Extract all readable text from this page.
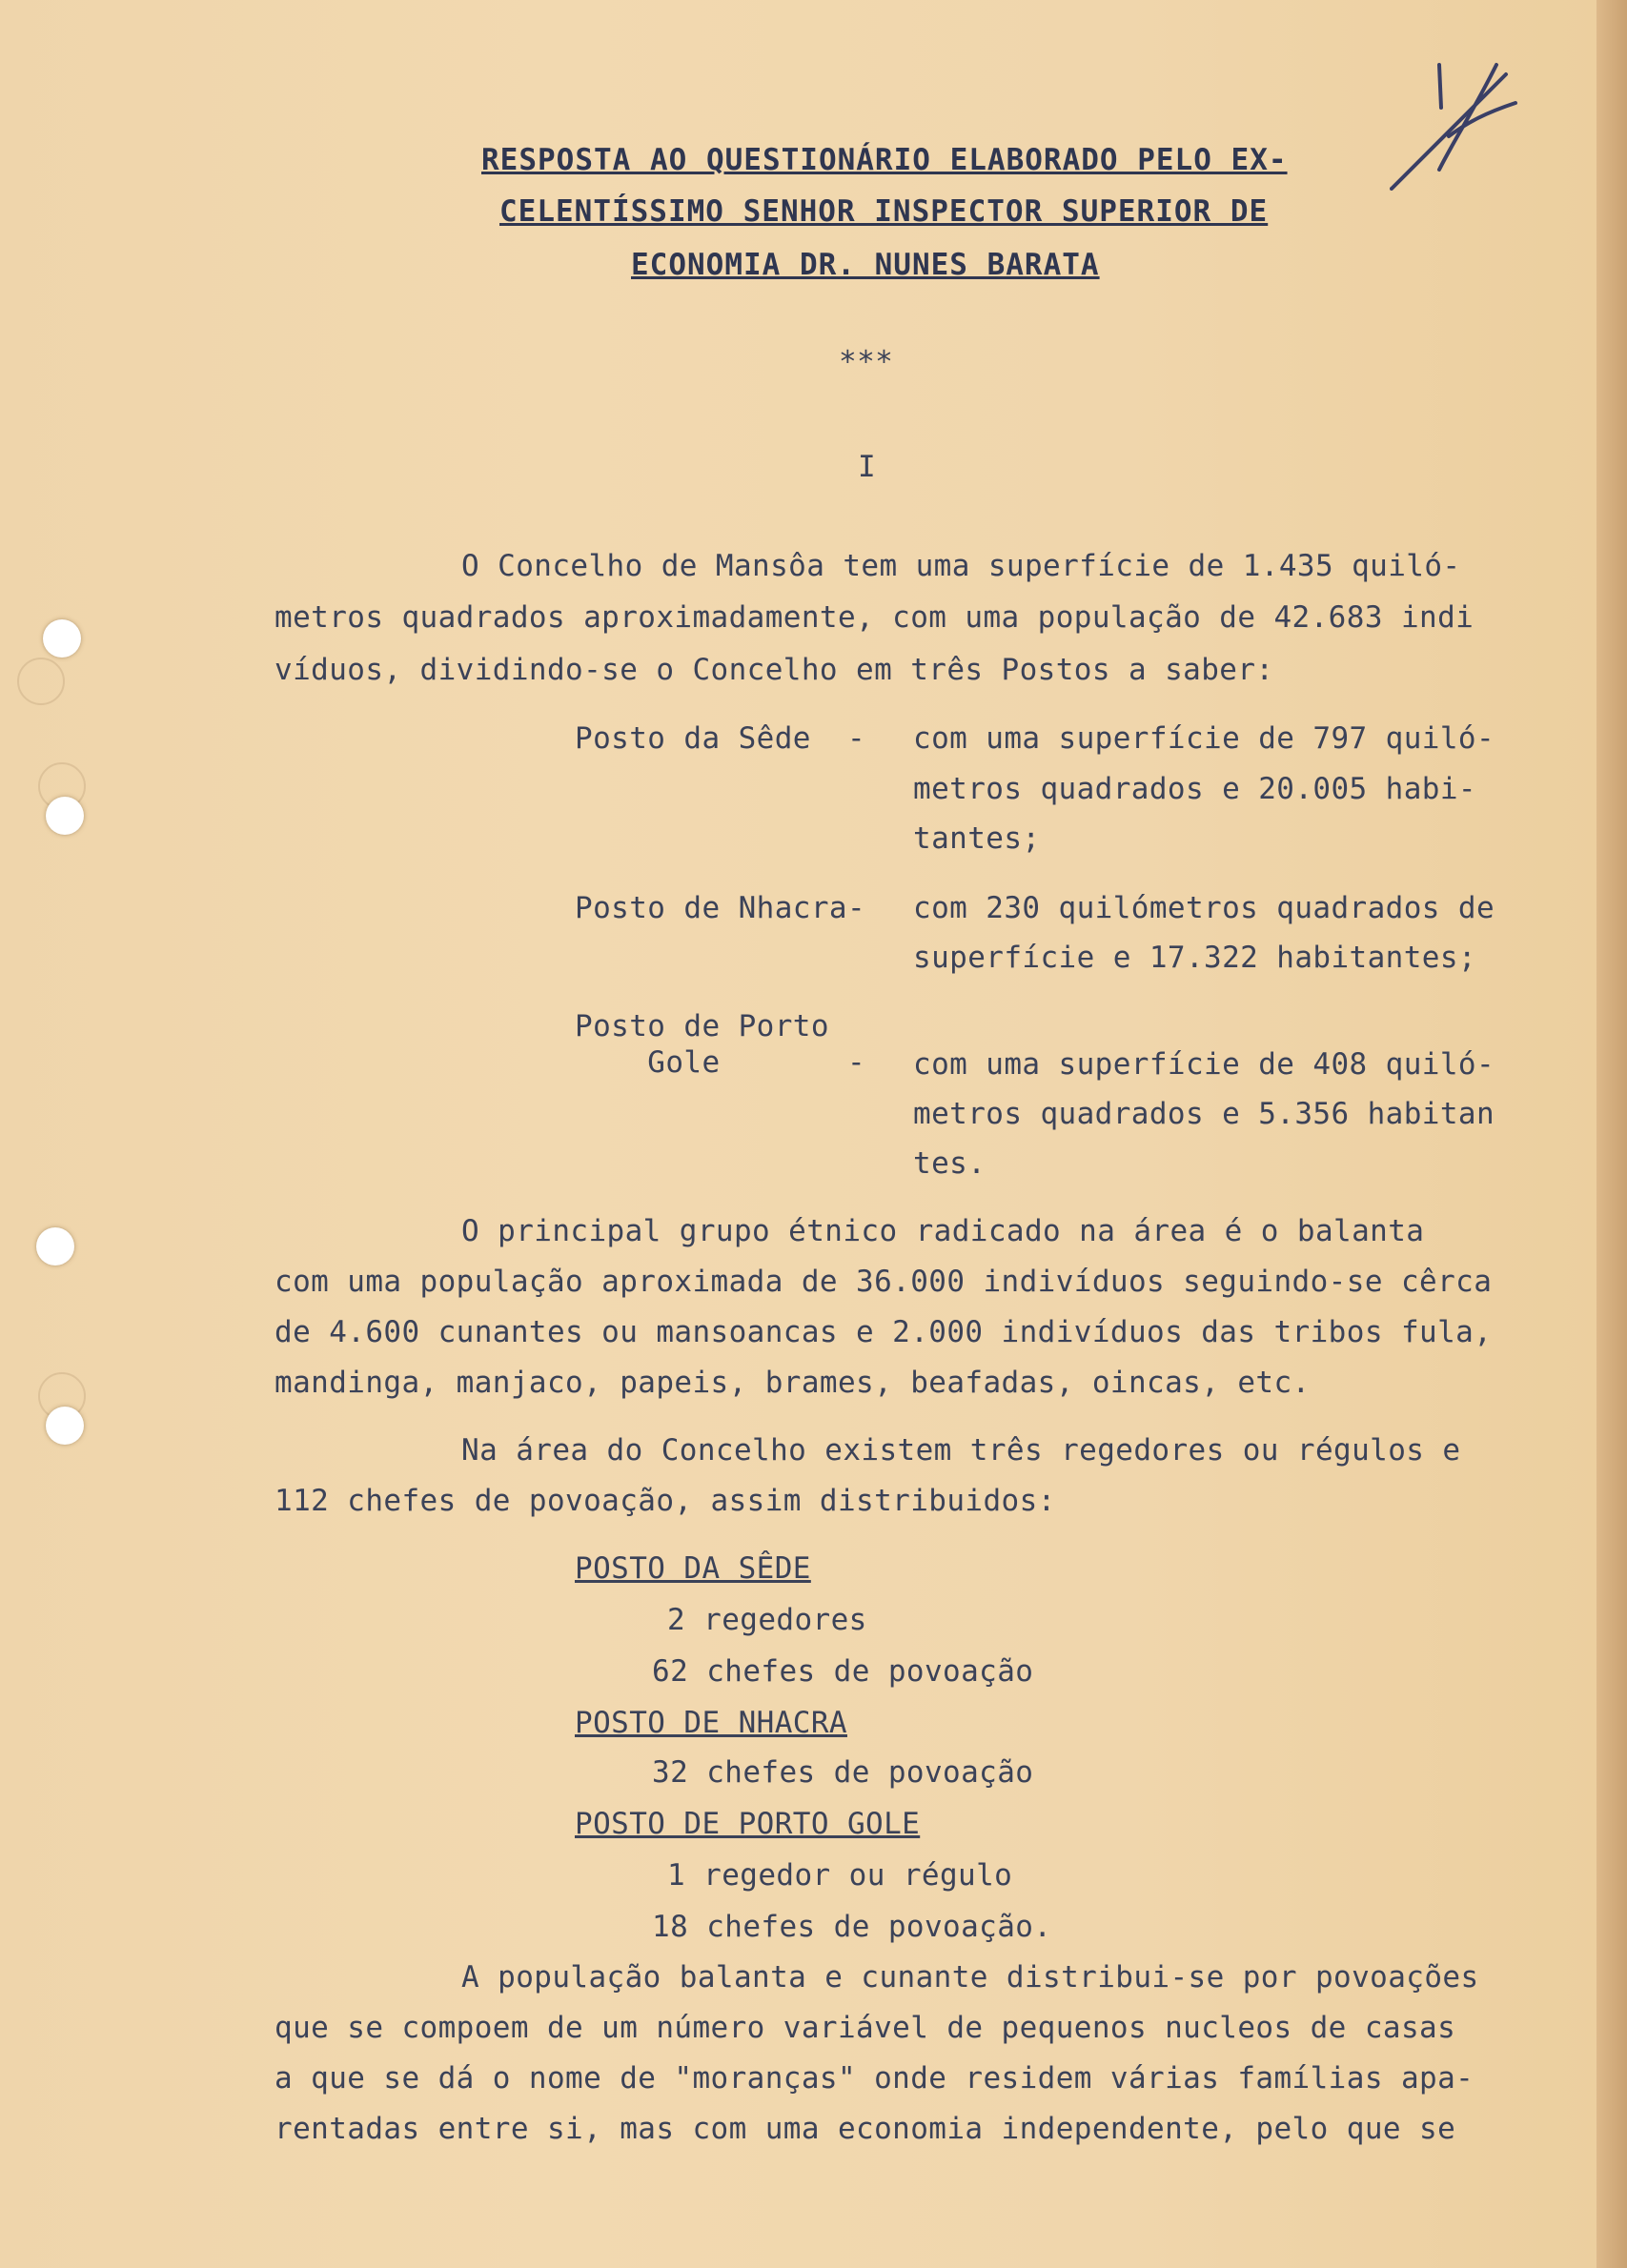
RESPOSTA AO QUESTIONÁRIO ELABORADO PELO EX-
CELENTÍSSIMO SENHOR INSPECTOR SUPERIOR DE
ECONOMIA DR. NUNES BARATA
***
I
O Concelho de Mansôa tem uma superfície de 1.435 quiló-
metros quadrados aproximadamente, com uma população de 42.683 indi
víduos, dividindo-se o Concelho em três Postos a saber:
Posto da Sêde  - com uma superfície de 797 quiló-
metros quadrados e 20.005 habi-
tantes;
Posto de Nhacra- com 230 quilómetros quadrados de
superfície e 17.322 habitantes;
Posto de Porto
Gole       - com uma superfície de 408 quiló-
metros quadrados e 5.356 habitan
tes.
O principal grupo étnico radicado na área é o balanta
com uma população aproximada de 36.000 indivíduos seguindo-se cêrca
de 4.600 cunantes ou mansoancas e 2.000 indivíduos das tribos fula,
mandinga, manjaco, papeis, brames, beafadas, oincas, etc.
Na área do Concelho existem três regedores ou régulos e
112 chefes de povoação, assim distribuidos:
POSTO DA SÊDE
2 regedores
62 chefes de povoação
POSTO DE NHACRA
32 chefes de povoação
POSTO DE PORTO GOLE
1 regedor ou régulo
18 chefes de povoação.
A população balanta e cunante distribui-se por povoações
que se compoem de um número variável de pequenos nucleos de casas
a que se dá o nome de "moranças" onde residem várias famílias apa-
rentadas entre si, mas com uma economia independente, pelo que se
